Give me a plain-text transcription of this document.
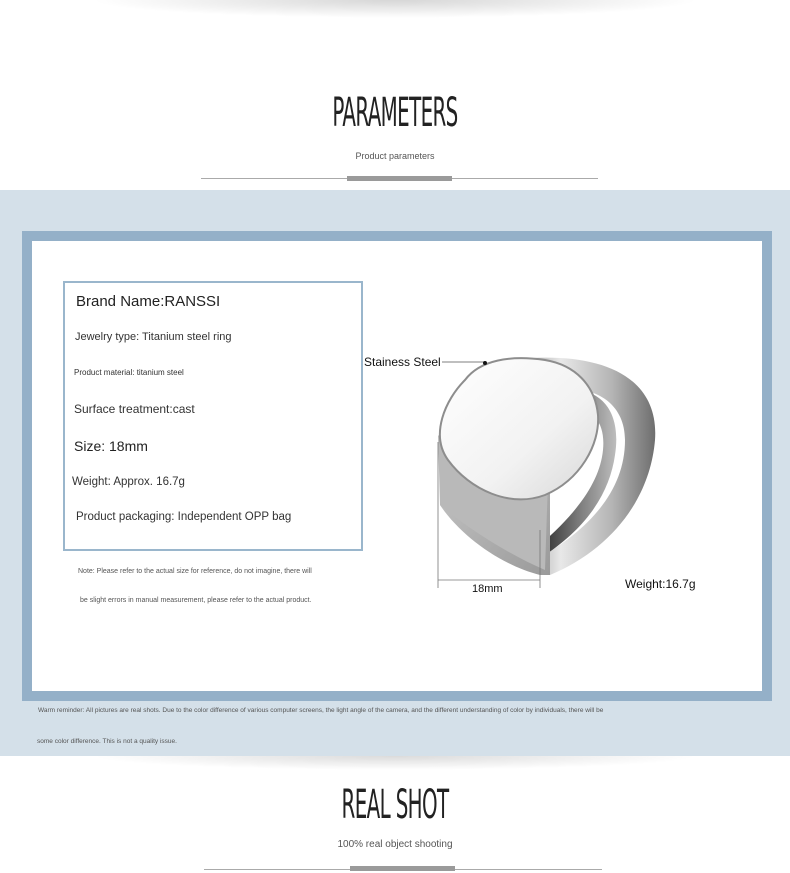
PARAMETERS
Product parameters
Brand Name:RANSSI
Jewelry type: Titanium steel ring
Product material: titanium steel
Surface treatment:cast
Size: 18mm
Weight: Approx. 16.7g
Product packaging: Independent OPP bag
Note: Please refer to the actual size for reference, do not imagine, there will
be slight errors in manual measurement, please refer to the actual product.
Stainess Steel
18mm	Weight:16.7g
Warm reminder: All pictures are real shots. Due to the color difference of various computer screens, the light angle of the camera, and the different understanding of color by individuals, there will be
some color difference. This is not a quality issue.
REAL SHOT
100% real object shooting
